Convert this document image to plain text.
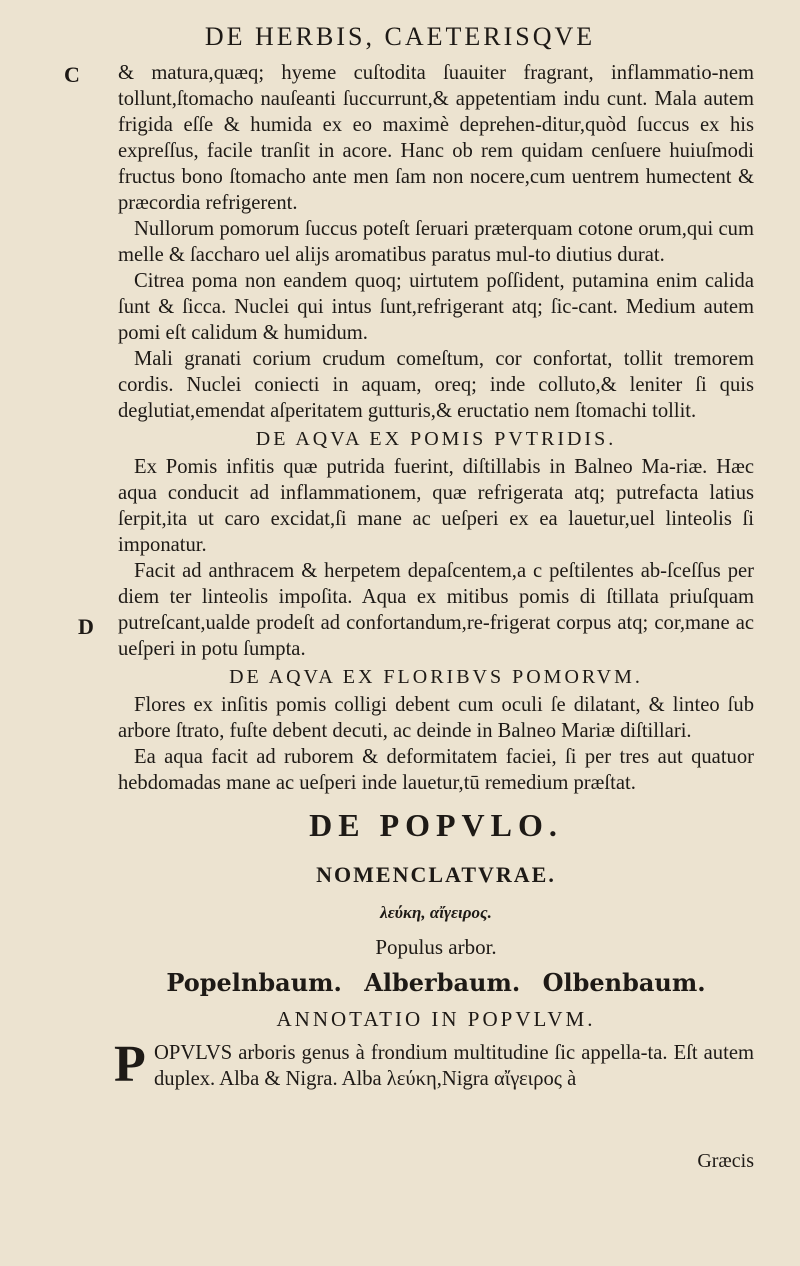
DE HERBIS, CAETERISQVE
C
D

& matura,quæq; hyeme cuſtodita ſuauiter fragrant, inflammatio-nem tollunt,ſtomacho nauſeanti ſuccurrunt,& appetentiam indu cunt. Mala autem frigida eſſe & humida ex eo maximè deprehen-ditur,quòd ſuccus ex his expreſſus, facile tranſit in acore. Hanc ob rem quidam cenſuere huiuſmodi fructus bono ſtomacho ante men ſam non nocere,cum uentrem humectent & præcordia refrigerent.

Nullorum pomorum ſuccus poteſt ſeruari præterquam cotone orum,qui cum melle & ſaccharo uel alijs aromatibus paratus mul-to diutius durat.

Citrea poma non eandem quoq; uirtutem poſſident, putamina enim calida ſunt & ſicca. Nuclei qui intus ſunt,refrigerant atq; ſic-cant. Medium autem pomi eſt calidum & humidum.

Mali granati corium crudum comeſtum, cor confortat, tollit tremorem cordis. Nuclei coniecti in aquam, oreq; inde colluto,& leniter ſi quis deglutiat,emendat aſperitatem gutturis,& eructatio nem ſtomachi tollit.

DE AQVA EX POMIS PVTRIDIS.

Ex Pomis infitis quæ putrida fuerint, diſtillabis in Balneo Ma-riæ. Hæc aqua conducit ad inflammationem, quæ refrigerata atq; putrefacta latius ſerpit,ita ut caro excidat,ſi mane ac ueſperi ex ea lauetur,uel linteolis ſi imponatur.

Facit ad anthracem & herpetem depaſcentem,a c peſtilentes ab-ſceſſus per diem ter linteolis impoſita. Aqua ex mitibus pomis di ſtillata priuſquam putreſcant,ualde prodeſt ad confortandum,re-frigerat corpus atq; cor,mane ac ueſperi in potu ſumpta.

DE AQVA EX FLORIBVS POMORVM.

Flores ex inſitis pomis colligi debent cum oculi ſe dilatant, & linteo ſub arbore ſtrato, fuſte debent decuti, ac deinde in Balneo Mariæ diſtillari.

Ea aqua facit ad ruborem & deformitatem faciei, ſi per tres aut quatuor hebdomadas mane ac ueſperi inde lauetur,tū remedium præſtat.

DE POPVLO.
NOMENCLATVRAE.
λεύκη, αἴγειρος.
Populus arbor.
Popelnbaum. Alberbaum. Olbenbaum.
ANNOTATIO IN POPVLVM.
P OPVLVS arboris genus à frondium multitudine ſic appella-ta. Eſt autem duplex. Alba & Nigra. Alba λεύκη,Nigra αἴγειρος à

Græcis
